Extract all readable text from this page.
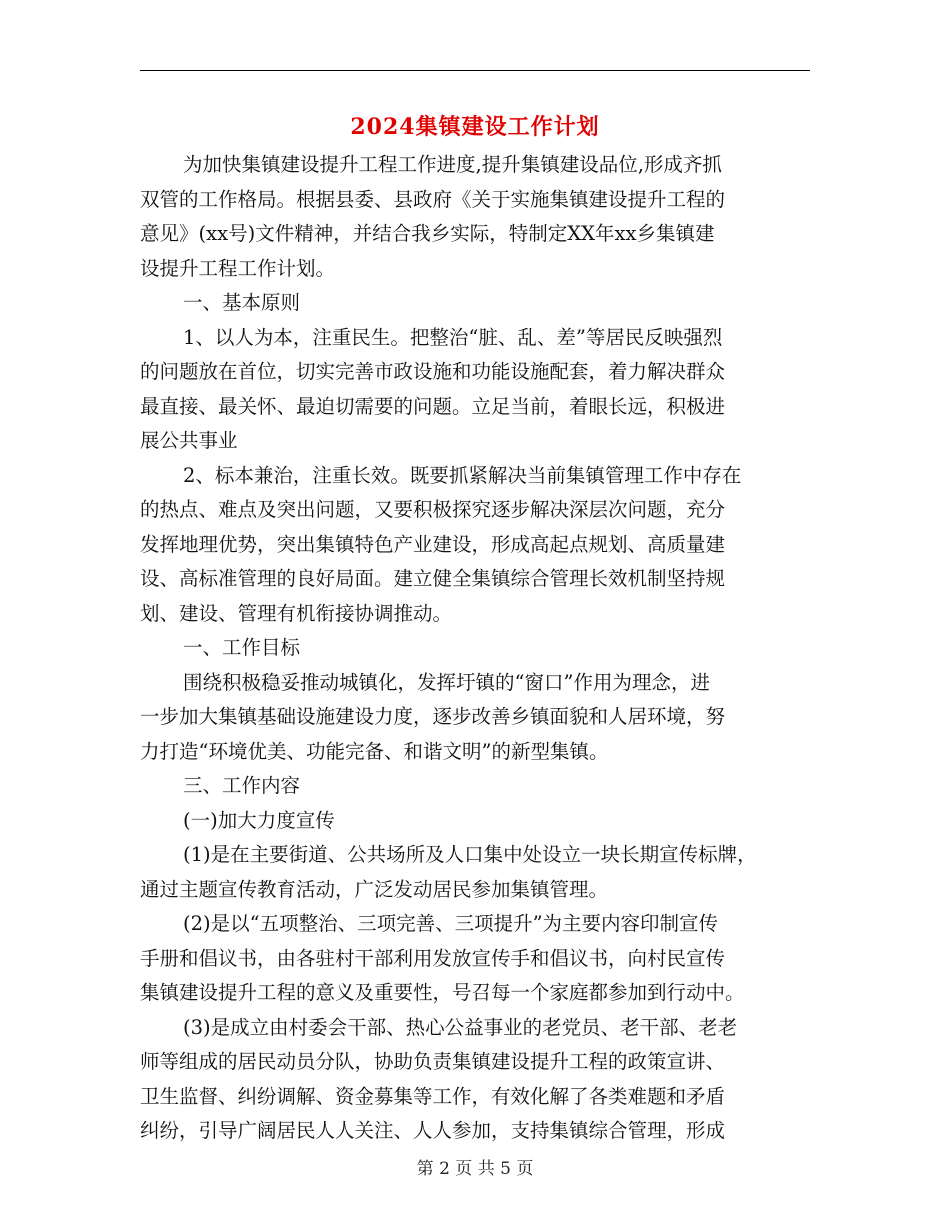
2024集镇建设工作计划
为加快集镇建设提升工程工作进度,提升集镇建设品位,形成齐抓
双管的工作格局。根据县委、县政府《关于实施集镇建设提升工程的
意见》(xx号)文件精神，并结合我乡实际，特制定XX年xx乡集镇建
设提升工程工作计划。
一、基本原则
1、以人为本，注重民生。把整治“脏、乱、差”等居民反映强烈
的问题放在首位，切实完善市政设施和功能设施配套，着力解决群众
最直接、最关怀、最迫切需要的问题。立足当前，着眼长远，积极进
展公共事业
2、标本兼治，注重长效。既要抓紧解决当前集镇管理工作中存在
的热点、难点及突出问题，又要积极探究逐步解决深层次问题，充分
发挥地理优势，突出集镇特色产业建设，形成高起点规划、高质量建
设、高标准管理的良好局面。建立健全集镇综合管理长效机制坚持规
划、建设、管理有机衔接协调推动。
一、工作目标
围绕积极稳妥推动城镇化，发挥圩镇的“窗口”作用为理念，进
一步加大集镇基础设施建设力度，逐步改善乡镇面貌和人居环境，努
力打造“环境优美、功能完备、和谐文明”的新型集镇。
三、工作内容
(一)加大力度宣传
(1)是在主要街道、公共场所及人口集中处设立一块长期宣传标牌，
通过主题宣传教育活动，广泛发动居民参加集镇管理。
(2)是以“五项整治、三项完善、三项提升”为主要内容印制宣传
手册和倡议书，由各驻村干部利用发放宣传手和倡议书，向村民宣传
集镇建设提升工程的意义及重要性，号召每一个家庭都参加到行动中。
(3)是成立由村委会干部、热心公益事业的老党员、老干部、老老
师等组成的居民动员分队，协助负责集镇建设提升工程的政策宣讲、
卫生监督、纠纷调解、资金募集等工作，有效化解了各类难题和矛盾
纠纷，引导广阔居民人人关注、人人参加，支持集镇综合管理，形成
第 2 页 共 5 页
